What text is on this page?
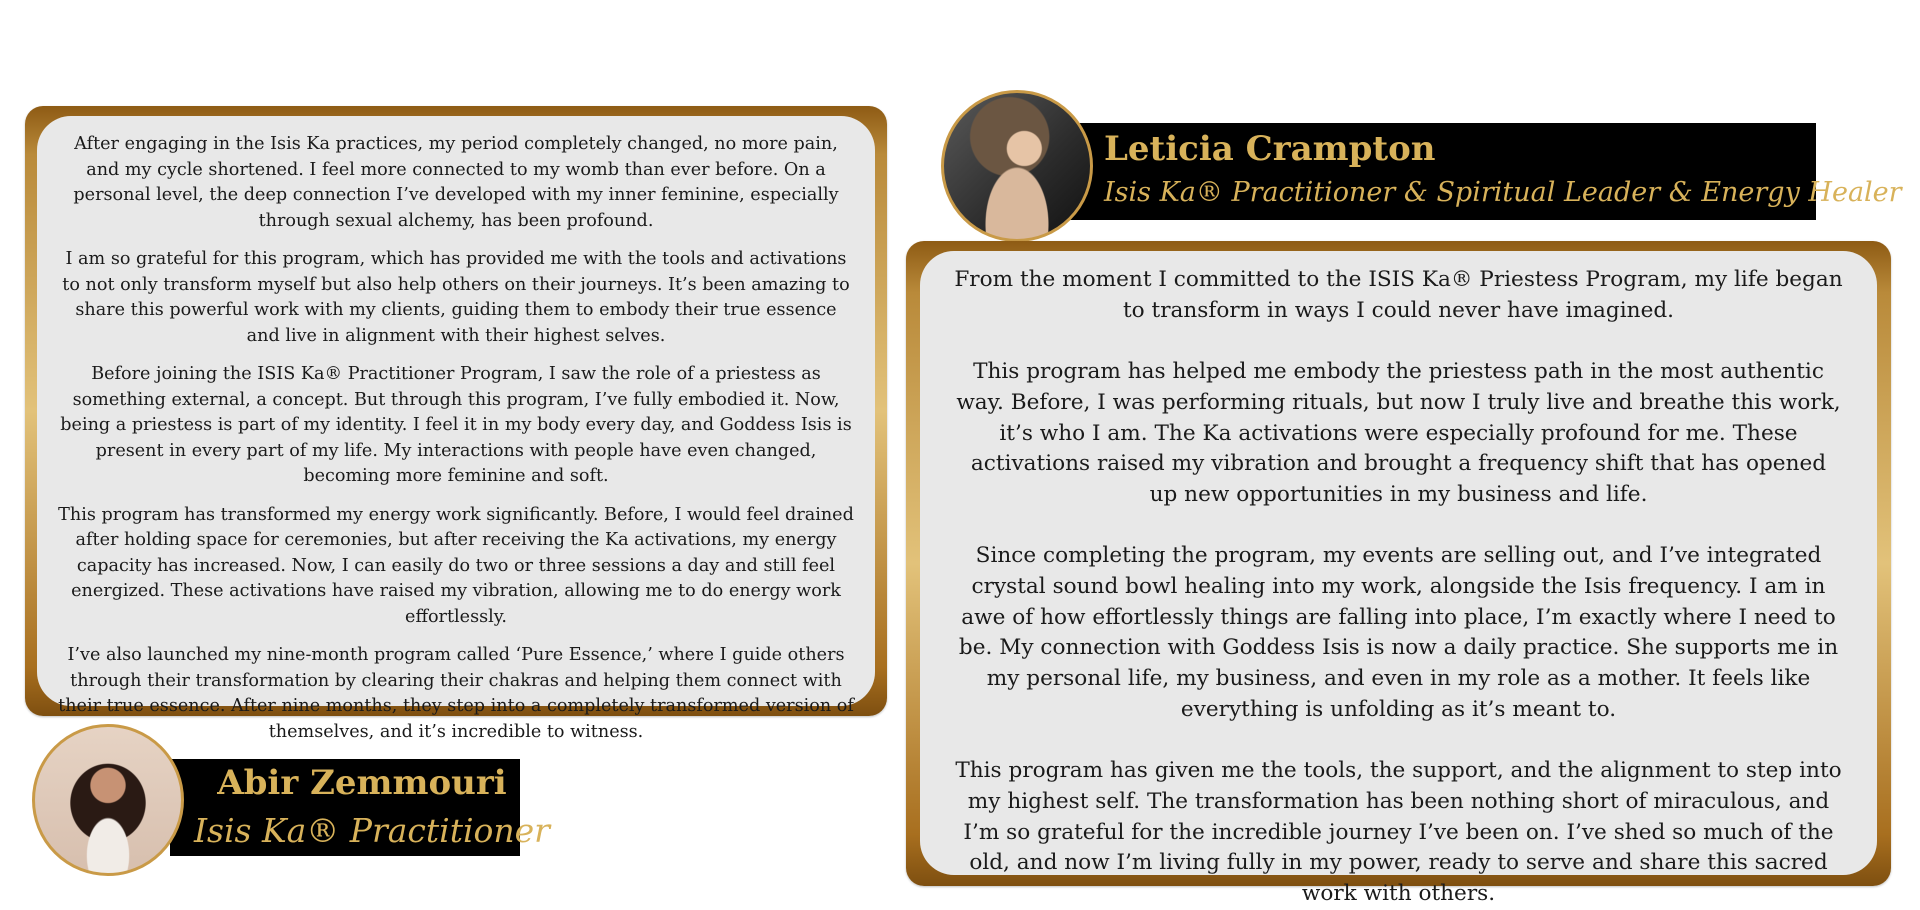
After engaging in the Isis Ka practices, my period completely changed, no more pain, and my cycle shortened. I feel more connected to my womb than ever before. On a personal level, the deep connection I’ve developed with my inner feminine, especially through sexual alchemy, has been profound.

I am so grateful for this program, which has provided me with the tools and activations to not only transform myself but also help others on their journeys. It’s been amazing to share this powerful work with my clients, guiding them to embody their true essence and live in alignment with their highest selves.

Before joining the ISIS Ka® Practitioner Program, I saw the role of a priestess as something external, a concept. But through this program, I’ve fully embodied it. Now, being a priestess is part of my identity. I feel it in my body every day, and Goddess Isis is present in every part of my life. My interactions with people have even changed, becoming more feminine and soft.

This program has transformed my energy work significantly. Before, I would feel drained after holding space for ceremonies, but after receiving the Ka activations, my energy capacity has increased. Now, I can easily do two or three sessions a day and still feel energized. These activations have raised my vibration, allowing me to do energy work effortlessly.

I’ve also launched my nine-month program called ‘Pure Essence,’ where I guide others through their transformation by clearing their chakras and helping them connect with their true essence. After nine months, they step into a completely transformed version of themselves, and it’s incredible to witness.

Abir Zemmouri
Isis Ka® Practitioner
Leticia Crampton
Isis Ka® Practitioner & Spiritual Leader & Energy Healer

From the moment I committed to the ISIS Ka® Priestess Program, my life began to transform in ways I could never have imagined.

This program has helped me embody the priestess path in the most authentic way. Before, I was performing rituals, but now I truly live and breathe this work, it’s who I am. The Ka activations were especially profound for me. These activations raised my vibration and brought a frequency shift that has opened up new opportunities in my business and life.

Since completing the program, my events are selling out, and I’ve integrated crystal sound bowl healing into my work, alongside the Isis frequency. I am in awe of how effortlessly things are falling into place, I’m exactly where I need to be. My connection with Goddess Isis is now a daily practice. She supports me in my personal life, my business, and even in my role as a mother. It feels like everything is unfolding as it’s meant to.

This program has given me the tools, the support, and the alignment to step into my highest self. The transformation has been nothing short of miraculous, and I’m so grateful for the incredible journey I’ve been on. I’ve shed so much of the old, and now I’m living fully in my power, ready to serve and share this sacred work with others.
